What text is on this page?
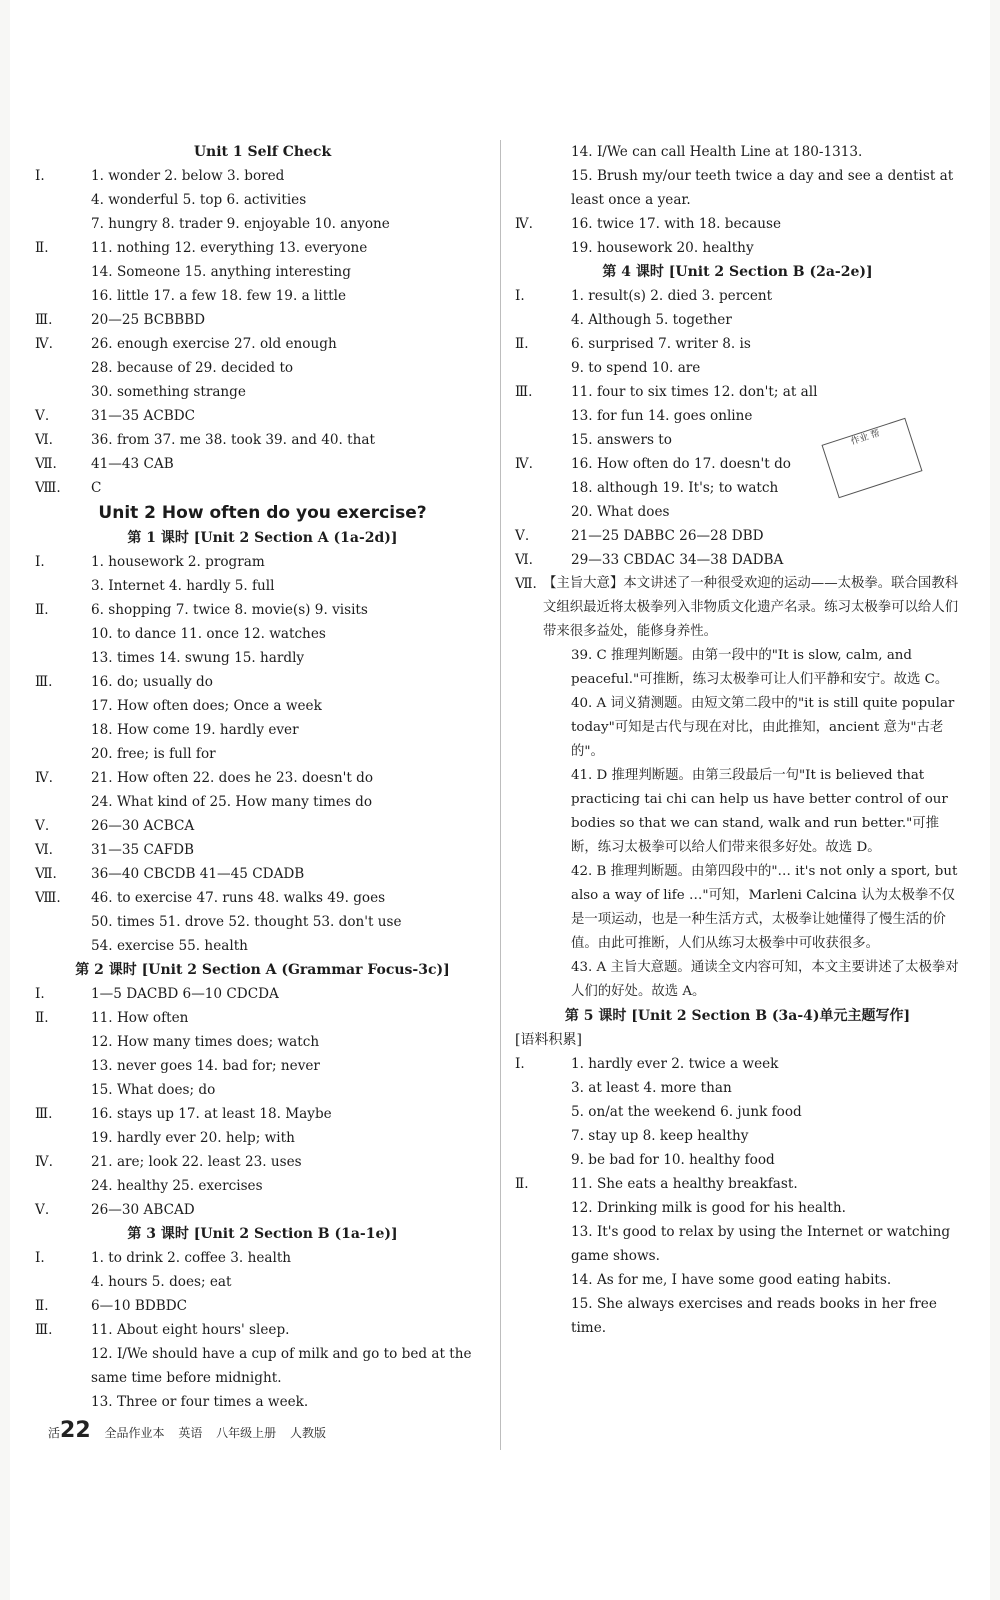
Unit 1 Self Check
Ⅰ.	1. wonder 2. below 3. bored
4. wonderful 5. top 6. activities
7. hungry 8. trader 9. enjoyable 10. anyone
Ⅱ.	11. nothing 12. everything 13. everyone
14. Someone 15. anything interesting
16. little 17. a few 18. few 19. a little
Ⅲ.	20—25 BCBBBD
Ⅳ.	26. enough exercise 27. old enough
28. because of 29. decided to
30. something strange
Ⅴ.	31—35 ACBDC
Ⅵ.	36. from 37. me 38. took 39. and 40. that
Ⅶ.	41—43 CAB
Ⅷ.	C
Unit 2 How often do you exercise?
第 1 课时 [Unit 2 Section A (1a-2d)]
Ⅰ.	1. housework 2. program
3. Internet 4. hardly 5. full
Ⅱ.	6. shopping 7. twice 8. movie(s) 9. visits
10. to dance 11. once 12. watches
13. times 14. swung 15. hardly
Ⅲ.	16. do; usually do
17. How often does; Once a week
18. How come 19. hardly ever
20. free; is full for
Ⅳ.	21. How often 22. does he 23. doesn't do
24. What kind of 25. How many times do
Ⅴ.	26—30 ACBCA
Ⅵ.	31—35 CAFDB
Ⅶ.	36—40 CBCDB 41—45 CDADB
Ⅷ.	46. to exercise 47. runs 48. walks 49. goes
50. times 51. drove 52. thought 53. don't use
54. exercise 55. health
第 2 课时 [Unit 2 Section A (Grammar Focus-3c)]
Ⅰ.	1—5 DACBD 6—10 CDCDA
Ⅱ.	11. How often
12. How many times does; watch
13. never goes 14. bad for; never
15. What does; do
Ⅲ.	16. stays up 17. at least 18. Maybe
19. hardly ever 20. help; with
Ⅳ.	21. are; look 22. least 23. uses
24. healthy 25. exercises
Ⅴ.	26—30 ABCAD
第 3 课时 [Unit 2 Section B (1a-1e)]
Ⅰ.	1. to drink 2. coffee 3. health
4. hours 5. does; eat
Ⅱ.	6—10 BDBDC
Ⅲ.	11. About eight hours' sleep.
12. I/We should have a cup of milk and go to bed at the same time before midnight.
13. Three or four times a week.
14. I/We can call Health Line at 180-1313.
15. Brush my/our teeth twice a day and see a dentist at least once a year.
Ⅳ.	16. twice 17. with 18. because
19. housework 20. healthy
第 4 课时 [Unit 2 Section B (2a-2e)]
Ⅰ.	1. result(s) 2. died 3. percent
4. Although 5. together
Ⅱ.	6. surprised 7. writer 8. is
9. to spend 10. are
Ⅲ.	11. four to six times 12. don't; at all
13. for fun 14. goes online
15. answers to
Ⅳ.	16. How often do 17. doesn't do
18. although 19. It's; to watch
20. What does
Ⅴ.	21—25 DABBC 26—28 DBD
Ⅵ.	29—33 CBDAC 34—38 DADBA
Ⅶ. 【主旨大意】本文讲述了一种很受欢迎的运动——太极拳。联合国教科文组织最近将太极拳列入非物质文化遗产名录。练习太极拳可以给人们带来很多益处，能修身养性。
39. C 推理判断题。由第一段中的"It is slow, calm, and peaceful."可推断，练习太极拳可让人们平静和安宁。故选 C。
40. A 词义猜测题。由短文第二段中的"it is still quite popular today"可知是古代与现在对比，由此推知，ancient 意为"古老的"。
41. D 推理判断题。由第三段最后一句"It is believed that practicing tai chi can help us have better control of our bodies so that we can stand, walk and run better."可推断，练习太极拳可以给人们带来很多好处。故选 D。
42. B 推理判断题。由第四段中的"… it's not only a sport, but also a way of life …"可知，Marleni Calcina 认为太极拳不仅是一项运动，也是一种生活方式，太极拳让她懂得了慢生活的价值。由此可推断，人们从练习太极拳中可收获很多。
43. A 主旨大意题。通读全文内容可知，本文主要讲述了太极拳对人们的好处。故选 A。
第 5 课时 [Unit 2 Section B (3a-4)单元主题写作]
[语料积累]
Ⅰ.	1. hardly ever 2. twice a week
3. at least 4. more than
5. on/at the weekend 6. junk food
7. stay up 8. keep healthy
9. be bad for 10. healthy food
Ⅱ.	11. She eats a healthy breakfast.
12. Drinking milk is good for his health.
13. It's good to relax by using the Internet or watching game shows.
14. As for me, I have some good eating habits.
15. She always exercises and reads books in her free time.
作业 帮
活22 全品作业本 英语 八年级上册 人教版
